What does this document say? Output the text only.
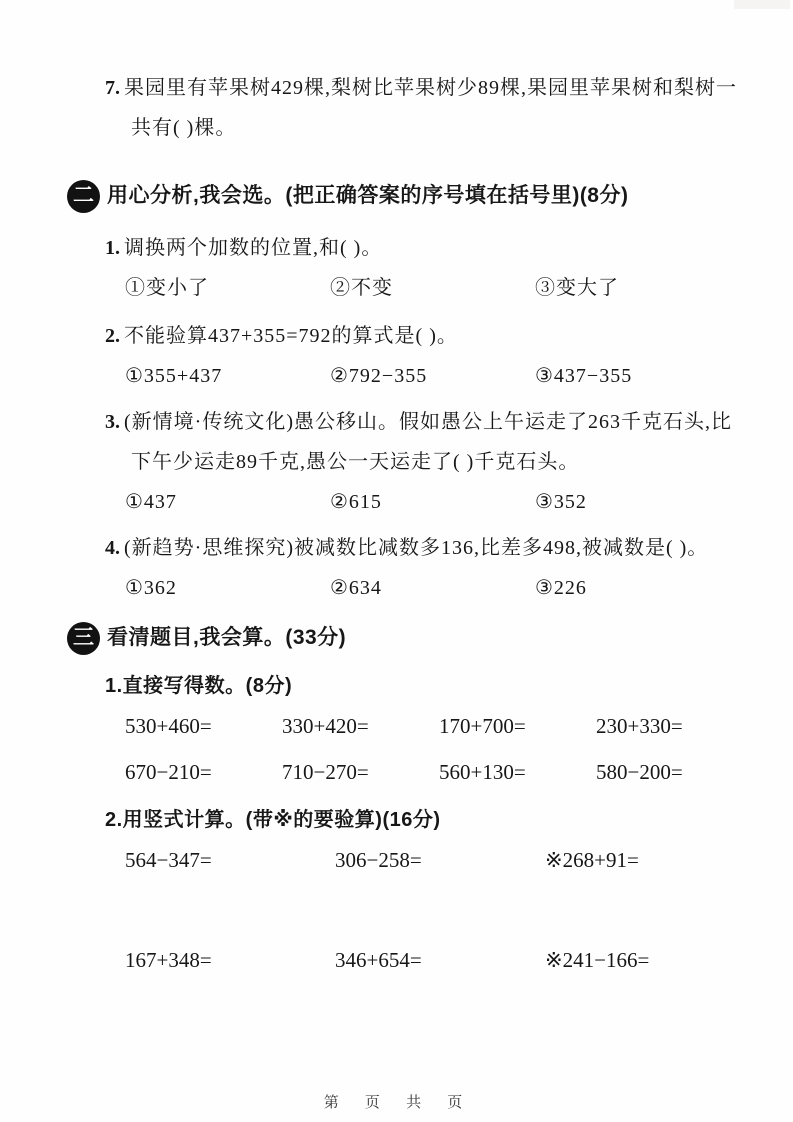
7. 果园里有苹果树429棵,梨树比苹果树少89棵,果园里苹果树和梨树一共有( )棵。
二 用心分析,我会选。(把正确答案的序号填在括号里)(8分)
1. 调换两个加数的位置,和( )。
①变小了	②不变	③变大了
2. 不能验算437+355=792的算式是( )。
①355+437	②792−355	③437−355
3. (新情境·传统文化)愚公移山。假如愚公上午运走了263千克石头,比下午少运走89千克,愚公一天运走了( )千克石头。
①437	②615	③352
4. (新趋势·思维探究)被减数比减数多136,比差多498,被减数是( )。
①362	②634	③226
三 看清题目,我会算。(33分)
1.直接写得数。(8分)
530+460=	330+420=	170+700=	230+330=
670−210=	710−270=	560+130=	580−200=
2.用竖式计算。(带※的要验算)(16分)
564−347=	306−258=	※268+91=
167+348=	346+654=	※241−166=
第 页 共 页
